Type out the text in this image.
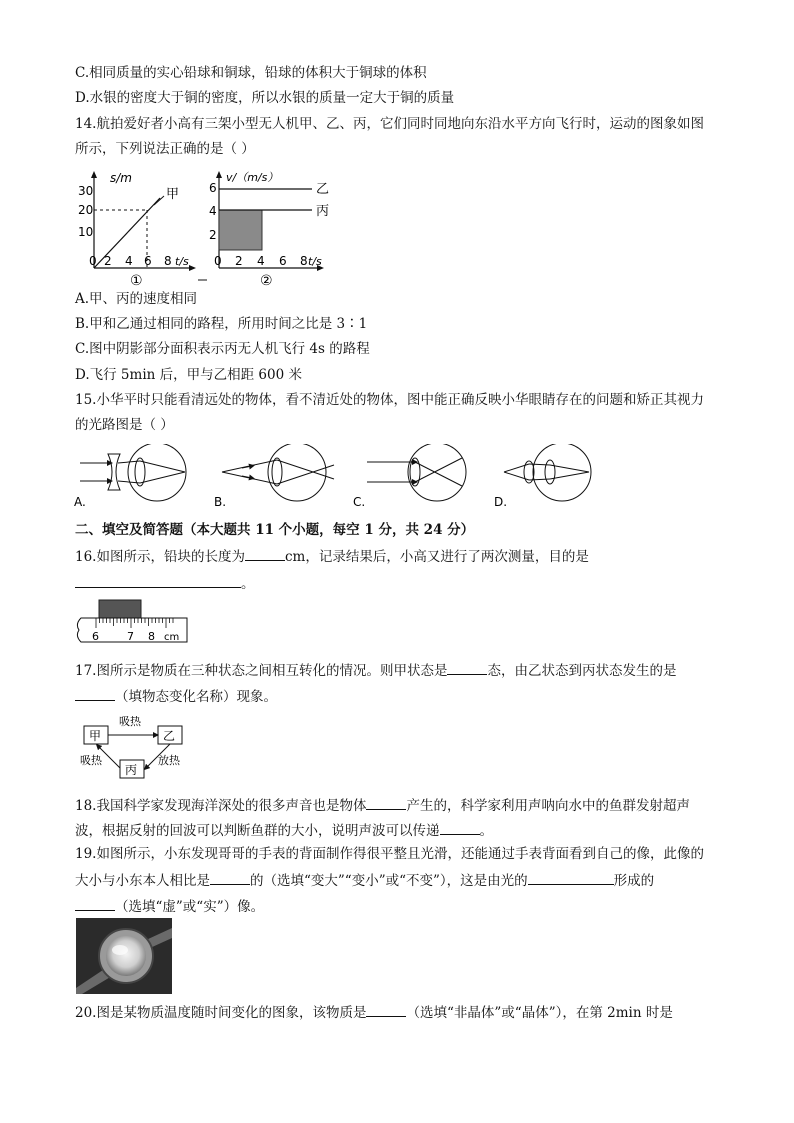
C.相同质量的实心铅球和铜球，铅球的体积大于铜球的体积
D.水银的密度大于铜的密度，所以水银的质量一定大于铜的质量
14.航拍爱好者小高有三架小型无人机甲、乙、丙，它们同时同地向东沿水平方向飞行时，运动的图象如图
所示，下列说法正确的是（ ）
s/m
t/s
30
20
10
0 2 4 6 8
甲
①
v/（m/s）
t/s
6
4
2
0 2 4 6 8
乙
丙
②
A.甲、丙的速度相同
B.甲和乙通过相同的路程，所用时间之比是 3∶1
C.图中阴影部分面积表示丙无人机飞行 4s 的路程
D.飞行 5min 后，甲与乙相距 600 米
15.小华平时只能看清远处的物体，看不清近处的物体，图中能正确反映小华眼睛存在的问题和矫正其视力
的光路图是（ ）
A.	B.	C.	D.
二、填空及简答题（本大题共 11 个小题，每空 1 分，共 24 分）
16.如图所示，铅块的长度为	cm，记录结果后，小高又进行了两次测量，目的是
。
6	7 8 cm
17.图所示是物质在三种状态之间相互转化的情况。则甲状态是	态，由乙状态到丙状态发生的是
（填物态变化名称）现象。
甲	乙
丙
吸热
吸热	放热
18.我国科学家发现海洋深处的很多声音也是物体	产生的，科学家利用声呐向水中的鱼群发射超声
波，根据反射的回波可以判断鱼群的大小，说明声波可以传递	。
19.如图所示，小东发现哥哥的手表的背面制作得很平整且光滑，还能通过手表背面看到自己的像，此像的
大小与小东本人相比是	的（选填“变大”“变小”或“不变”），这是由光的	形成的
（选填“虚”或“实”）像。
20.图是某物质温度随时间变化的图象，该物质是	（选填“非晶体”或“晶体”），在第 2min 时是
